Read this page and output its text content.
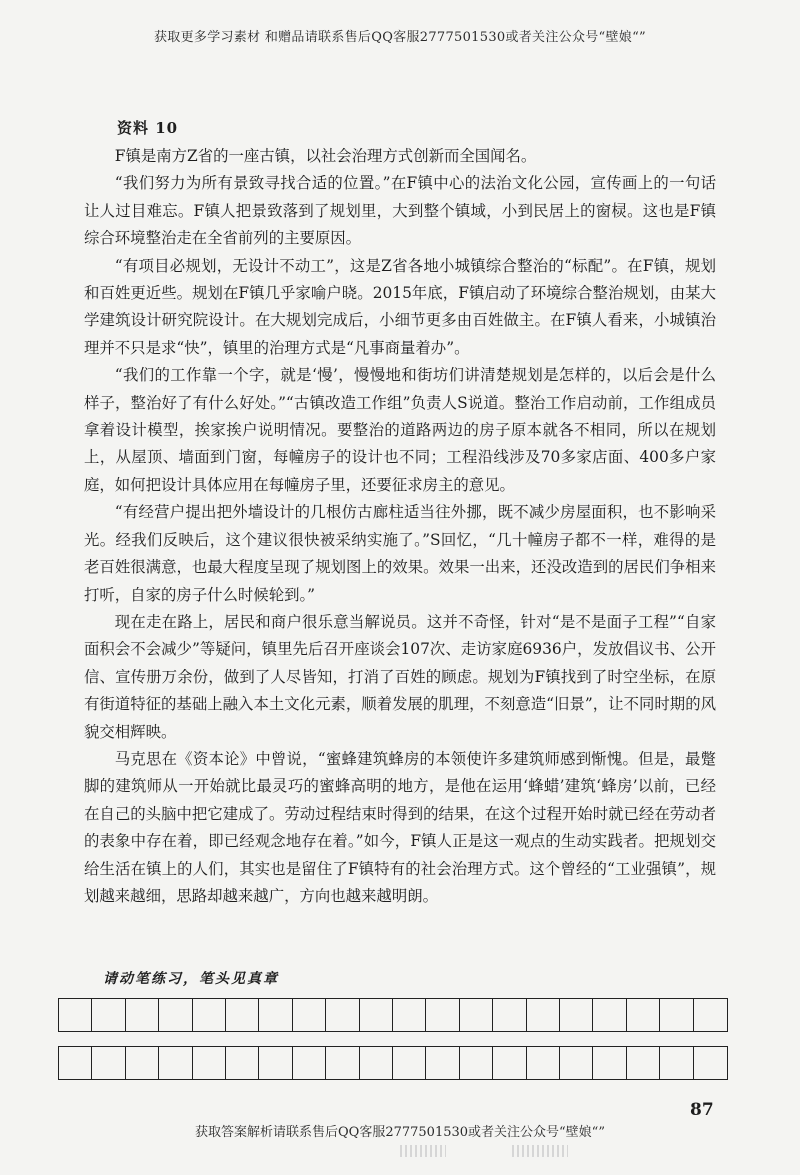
获取更多学习素材 和赠品请联系售后QQ客服2777501530或者关注公众号“壁娘“”
资料 10

F镇是南方Z省的一座古镇，以社会治理方式创新而全国闻名。

“我们努力为所有景致寻找合适的位置。”在F镇中心的法治文化公园，宣传画上的一句话让人过目难忘。F镇人把景致落到了规划里，大到整个镇域，小到民居上的窗棂。这也是F镇综合环境整治走在全省前列的主要原因。

“有项目必规划，无设计不动工”，这是Z省各地小城镇综合整治的“标配”。在F镇，规划和百姓更近些。规划在F镇几乎家喻户晓。2015年底，F镇启动了环境综合整治规划，由某大学建筑设计研究院设计。在大规划完成后，小细节更多由百姓做主。在F镇人看来，小城镇治理并不只是求“快”，镇里的治理方式是“凡事商量着办”。

“我们的工作靠一个字，就是‘慢’，慢慢地和街坊们讲清楚规划是怎样的，以后会是什么样子，整治好了有什么好处。”“古镇改造工作组”负责人S说道。整治工作启动前，工作组成员拿着设计模型，挨家挨户说明情况。要整治的道路两边的房子原本就各不相同，所以在规划上，从屋顶、墙面到门窗，每幢房子的设计也不同；工程沿线涉及70多家店面、400多户家庭，如何把设计具体应用在每幢房子里，还要征求房主的意见。

“有经营户提出把外墙设计的几根仿古廊柱适当往外挪，既不减少房屋面积，也不影响采光。经我们反映后，这个建议很快被采纳实施了。”S回忆，“几十幢房子都不一样，难得的是老百姓很满意，也最大程度呈现了规划图上的效果。效果一出来，还没改造到的居民们争相来打听，自家的房子什么时候轮到。”

现在走在路上，居民和商户很乐意当解说员。这并不奇怪，针对“是不是面子工程”“自家面积会不会减少”等疑问，镇里先后召开座谈会107次、走访家庭6936户，发放倡议书、公开信、宣传册万余份，做到了人尽皆知，打消了百姓的顾虑。规划为F镇找到了时空坐标，在原有街道特征的基础上融入本土文化元素，顺着发展的肌理，不刻意造“旧景”，让不同时期的风貌交相辉映。

马克思在《资本论》中曾说，“蜜蜂建筑蜂房的本领使许多建筑师感到惭愧。但是，最蹩脚的建筑师从一开始就比最灵巧的蜜蜂高明的地方，是他在运用‘蜂蜡’建筑‘蜂房’以前，已经在自己的头脑中把它建成了。劳动过程结束时得到的结果，在这个过程开始时就已经在劳动者的表象中存在着，即已经观念地存在着。”如今，F镇人正是这一观点的生动实践者。把规划交给生活在镇上的人们，其实也是留住了F镇特有的社会治理方式。这个曾经的“工业强镇”，规划越来越细，思路却越来越广，方向也越来越明朗。

请动笔练习，笔头见真章
87
获取答案解析请联系售后QQ客服2777501530或者关注公众号“壁娘“”
